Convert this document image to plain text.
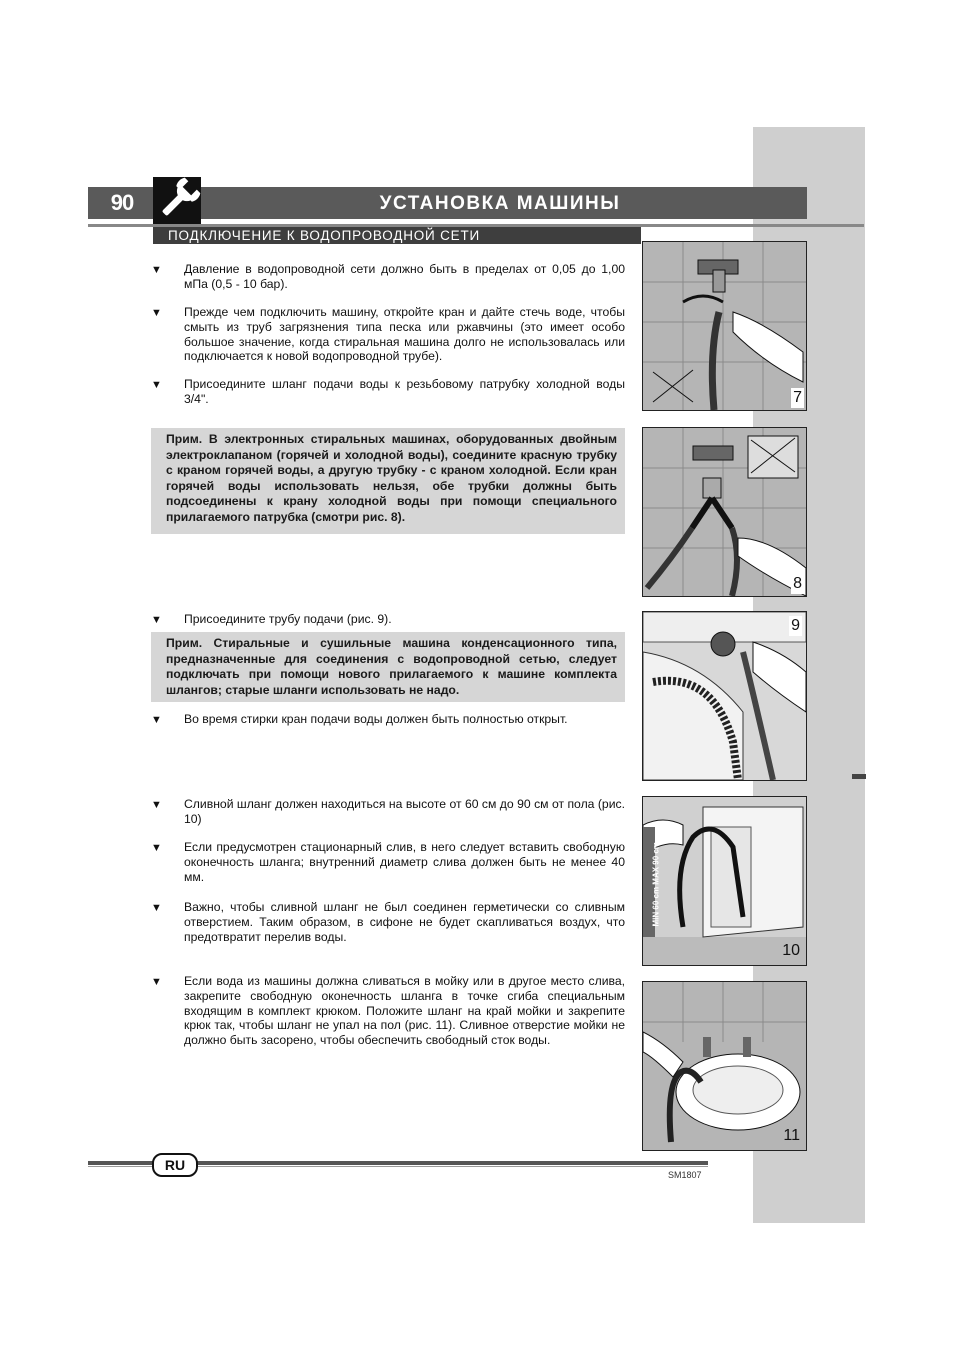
90	УСТАНОВКА МАШИНЫ
ПОДКЛЮЧЕНИЕ К ВОДОПРОВОДНОЙ СЕТИ
▼ Давление в водопроводной сети должно быть в пределах от 0,05 до 1,00 мПа (0,5 - 10 бар).
▼ Прежде чем подключить машину, откройте кран и дайте стечь воде, чтобы смыть из труб загрязнения типа песка или ржавчины (это имеет особо большое значение, когда стиральная машина долго не использовалась или подключается к новой водопроводной трубе).
▼ Присоедините шланг подачи воды к резьбовому патрубку холодной воды 3/4".
Прим. В электронных стиральных машинах, оборудованных двойным электроклапаном (горячей и холодной воды), соедините красную трубку с краном горячей воды, а другую трубку - с краном холодной. Если кран горячей воды использовать нельзя, обе трубки должны быть подсоединены к крану холодной воды при помощи специального прилагаемого патрубка (смотри рис. 8).
▼ Присоедините трубу подачи (рис. 9).
Прим. Стиральные и сушильные машина конденсационного типа, предназначенные для соединения с водопроводной сетью, следует подключать при помощи нового прилагаемого к машине комплекта шлангов; старые шланги использовать не надо.
▼ Во время стирки кран подачи воды должен быть полностью открыт.
▼ Сливной шланг должен находиться на высоте от 60 см до 90 см от пола (рис. 10)
▼ Если предусмотрен стационарный слив, в него следует вставить свободную оконечность шланга; внутренний диаметр слива должен быть не менее 40 мм.
▼ Важно, чтобы сливной шланг не был соединен герметически со сливным отверстием. Таким образом, в сифоне не будет скапливаться воздух, что предотвратит перелив воды.
▼ Если вода из машины должна сливаться в мойку или в другое место слива, закрепите свободную оконечность шланга в точке сгиба специальным входящим в комплект крюком. Положите шланг на край мойки и закрепите крюк так, чтобы шланг не упал на пол (рис. 11). Сливное отверстие мойки не должно быть засорено, чтобы обеспечить свободный сток воды.
7
8
9
MIN 60 cm MAX 90 cm
10
11
RU
SM1807
